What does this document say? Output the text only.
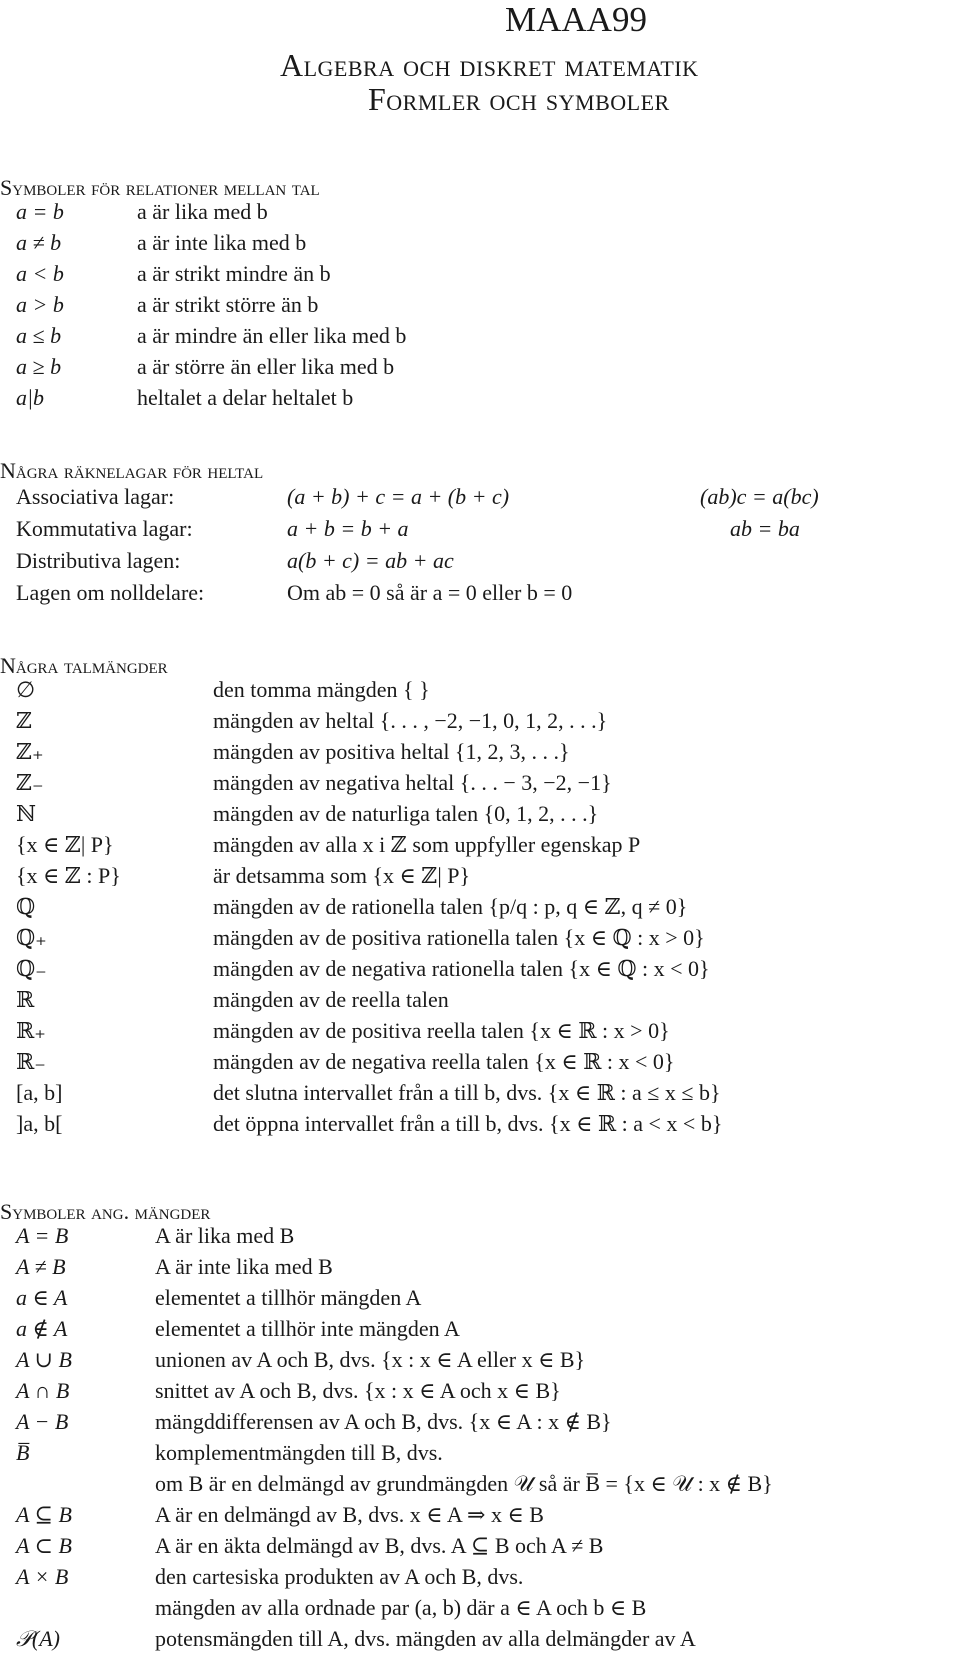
MAAA99
Algebra och diskret matematik
Formler och symboler
Symboler för relationer mellan tal
a = b	a är lika med b
a ≠ b	a är inte lika med b
a < b	a är strikt mindre än b
a > b	a är strikt större än b
a ≤ b	a är mindre än eller lika med b
a ≥ b	a är större än eller lika med b
a|b	heltalet a delar heltalet b
Några räknelagar för heltal
Associativa lagar:	(a + b) + c = a + (b + c)	(ab)c = a(bc)
Kommutativa lagar:	a + b = b + a	ab = ba
Distributiva lagen:	a(b + c) = ab + ac
Lagen om nolldelare:	Om ab = 0 så är a = 0 eller b = 0
Några talmängder
∅	den tomma mängden { }
ℤ	mängden av heltal {. . . , −2, −1, 0, 1, 2, . . .}
ℤ₊	mängden av positiva heltal {1, 2, 3, . . .}
ℤ₋	mängden av negativa heltal {. . . − 3, −2, −1}
ℕ	mängden av de naturliga talen {0, 1, 2, . . .}
{x ∈ ℤ| P}	mängden av alla x i ℤ som uppfyller egenskap P
{x ∈ ℤ : P}	är detsamma som {x ∈ ℤ| P}
ℚ	mängden av de rationella talen {p/q : p, q ∈ ℤ, q ≠ 0}
ℚ₊	mängden av de positiva rationella talen {x ∈ ℚ : x > 0}
ℚ₋	mängden av de negativa rationella talen {x ∈ ℚ : x < 0}
ℝ	mängden av de reella talen
ℝ₊	mängden av de positiva reella talen {x ∈ ℝ : x > 0}
ℝ₋	mängden av de negativa reella talen {x ∈ ℝ : x < 0}
[a, b]	det slutna intervallet från a till b, dvs. {x ∈ ℝ : a ≤ x ≤ b}
]a, b[	det öppna intervallet från a till b, dvs. {x ∈ ℝ : a < x < b}
Symboler ang. mängder
A = B	A är lika med B
A ≠ B	A är inte lika med B
a ∈ A	elementet a tillhör mängden A
a ∉ A	elementet a tillhör inte mängden A
A ∪ B	unionen av A och B, dvs. {x : x ∈ A eller x ∈ B}
A ∩ B	snittet av A och B, dvs. {x : x ∈ A och x ∈ B}
A − B	mängddifferensen av A och B, dvs. {x ∈ A : x ∉ B}
B̅	komplementmängden till B, dvs.
om B är en delmängd av grundmängden 𝒰 så är B̅ = {x ∈ 𝒰 : x ∉ B}
A ⊆ B	A är en delmängd av B, dvs. x ∈ A ⇒ x ∈ B
A ⊂ B	A är en äkta delmängd av B, dvs. A ⊆ B och A ≠ B
A × B	den cartesiska produkten av A och B, dvs.
mängden av alla ordnade par (a, b) där a ∈ A och b ∈ B
𝒫(A)	potensmängden till A, dvs. mängden av alla delmängder av A
